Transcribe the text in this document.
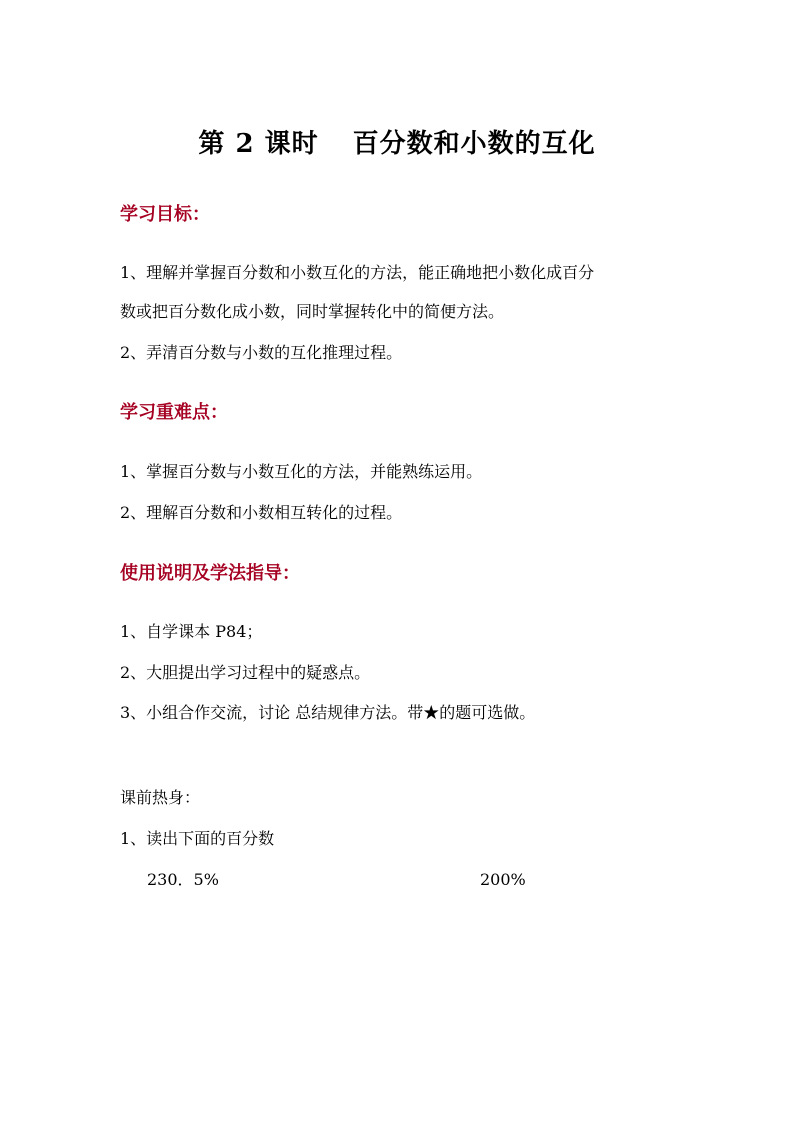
第 2 课时 百分数和小数的互化
学习目标：
1、理解并掌握百分数和小数互化的方法，能正确地把小数化成百分
数或把百分数化成小数，同时掌握转化中的简便方法。
2、弄清百分数与小数的互化推理过程。
学习重难点：
1、掌握百分数与小数互化的方法，并能熟练运用。
2、理解百分数和小数相互转化的过程。
使用说明及学法指导：
1、自学课本 P84；
2、大胆提出学习过程中的疑惑点。
3、小组合作交流，讨论 总结规律方法。带★的题可选做。
课前热身：
1、读出下面的百分数
230．5%	200%
